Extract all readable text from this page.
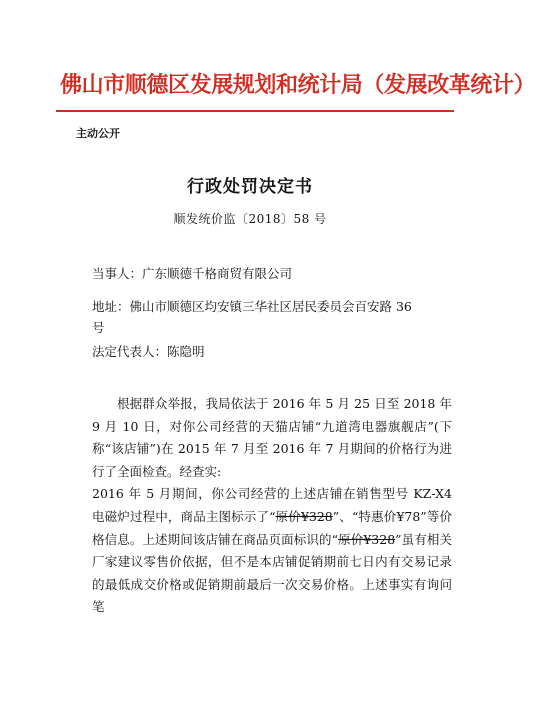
佛山市顺德区发展规划和统计局（发展改革统计）
主动公开
行政处罚决定书
顺发统价监〔2018〕58 号
当事人：广东顺德千格商贸有限公司
地址：佛山市顺德区均安镇三华社区居民委员会百安路 36
号
法定代表人：陈隐明

根据群众举报，我局依法于 2016 年 5 月 25 日至 2018 年 9 月 10 日，对你公司经营的天猫店铺“九道湾电器旗舰店”(下称“该店铺”)在 2015 年 7 月至 2016 年 7 月期间的价格行为进行了全面检查。经查实:

2016 年 5 月期间，你公司经营的上述店铺在销售型号 KZ-X4 电磁炉过程中，商品主图标示了“原价¥328”、“特惠价¥78”等价格信息。上述期间该店铺在商品页面标识的“原价¥328”虽有相关厂家建议零售价依据，但不是本店铺促销期前七日内有交易记录的最低成交价格或促销期前最后一次交易价格。上述事实有询问笔
